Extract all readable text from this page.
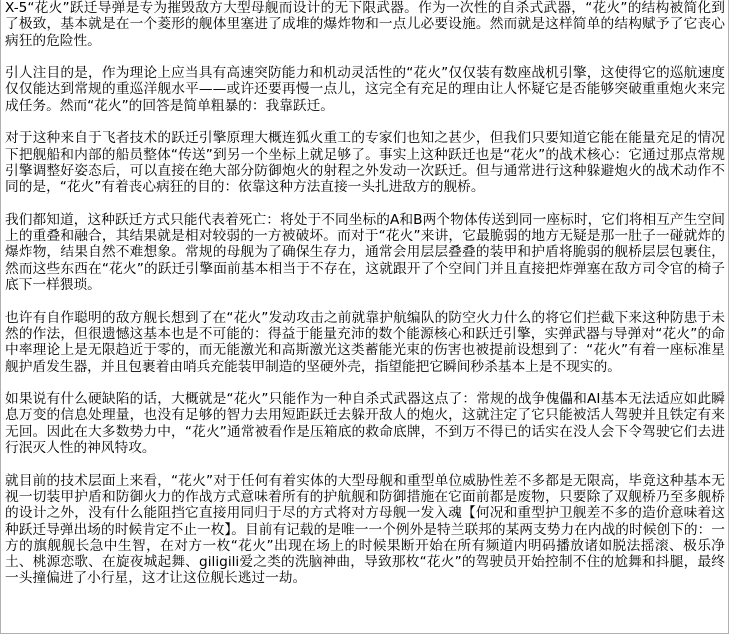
X-5“花火”跃迁导弹是专为摧毁敌方大型母舰而设计的无下限武器。作为一次性的自杀式武器，“花火”的结构被简化到了极致，基本就是在一个菱形的舰体里塞进了成堆的爆炸物和一点儿必要设施。然而就是这样简单的结构赋予了它丧心病狂的危险性。

引人注目的是，作为理论上应当具有高速突防能力和机动灵活性的“花火”仅仅装有数座战机引擎，这使得它的巡航速度仅仅能达到常规的重巡洋舰水平——或许还要再慢一点儿，这完全有充足的理由让人怀疑它是否能够突破重重炮火来完成任务。然而“花火”的回答是简单粗暴的：我靠跃迁。

对于这种来自于飞者技术的跃迁引擎原理大概连狐火重工的专家们也知之甚少，但我们只要知道它能在能量充足的情况下把舰船和内部的船员整体“传送”到另一个坐标上就足够了。事实上这种跃迁也是“花火”的战术核心：它通过那点常规引擎调整好姿态后，可以直接在绝大部分防御炮火的射程之外发动一次跃迁。但与通常进行这种躲避炮火的战术动作不同的是，“花火”有着丧心病狂的目的：依靠这种方法直接一头扎进敌方的舰桥。

我们都知道，这种跃迁方式只能代表着死亡：将处于不同坐标的A和B两个物体传送到同一座标时，它们将相互产生空间上的重叠和融合，其结果就是相对较弱的一方被破坏。而对于“花火”来讲，它最脆弱的地方无疑是那一肚子一碰就炸的爆炸物，结果自然不难想象。常规的母舰为了确保生存力，通常会用层层叠叠的装甲和护盾将脆弱的舰桥层层包裹住，然而这些东西在“花火”的跃迁引擎面前基本相当于不存在，这就跟开了个空间门并且直接把炸弹塞在敌方司令官的椅子底下一样猥琐。

也许有自作聪明的敌方舰长想到了在“花火”发动攻击之前就靠护航编队的防空火力什么的将它们拦截下来这种防患于未然的作法，但很遗憾这基本也是不可能的：得益于能量充沛的数个能源核心和跃迁引擎，实弹武器与导弹对“花火”的命中率理论上是无限趋近于零的，而无能激光和高斯激光这类蓄能光束的伤害也被提前设想到了：“花火”有着一座标准星舰护盾发生器，并且包裹着由哨兵充能装甲制造的坚硬外壳，指望能把它瞬间秒杀基本上是不现实的。

如果说有什么硬缺陷的话，大概就是“花火”只能作为一种自杀式武器这点了：常规的战争傀儡和AI基本无法适应如此瞬息万变的信息处理量，也没有足够的智力去用短距跃迁去躲开敌人的炮火，这就注定了它只能被活人驾驶并且铁定有来无回。因此在大多数势力中，“花火”通常被看作是压箱底的救命底牌，不到万不得已的话实在没人会下令驾驶它们去进行泯灭人性的神风特攻。

就目前的技术层面上来看，“花火”对于任何有着实体的大型母舰和重型单位威胁性差不多都是无限高，毕竟这种基本无视一切装甲护盾和防御火力的作战方式意味着所有的护航舰和防御措施在它面前都是废物，只要除了双舰桥乃至多舰桥的设计之外，没有什么能阻挡它直接用同归于尽的方式将对方母舰一发入魂【何况和重型护卫舰差不多的造价意味着这种跃迁导弹出场的时候肯定不止一枚】。目前有记载的是唯一一个例外是特兰联邦的某两支势力在内战的时候创下的：一方的旗舰舰长急中生智，在对方一枚“花火”出现在场上的时候果断开始在所有频道内明码播放诸如脱法摇滚、极乐净土、桃源恋歌、在旋夜城起舞、giligili爱之类的洗脑神曲，导致那枚“花火”的驾驶员开始控制不住的尬舞和抖腿，最终一头撞偏进了小行星，这才让这位舰长逃过一劫。
